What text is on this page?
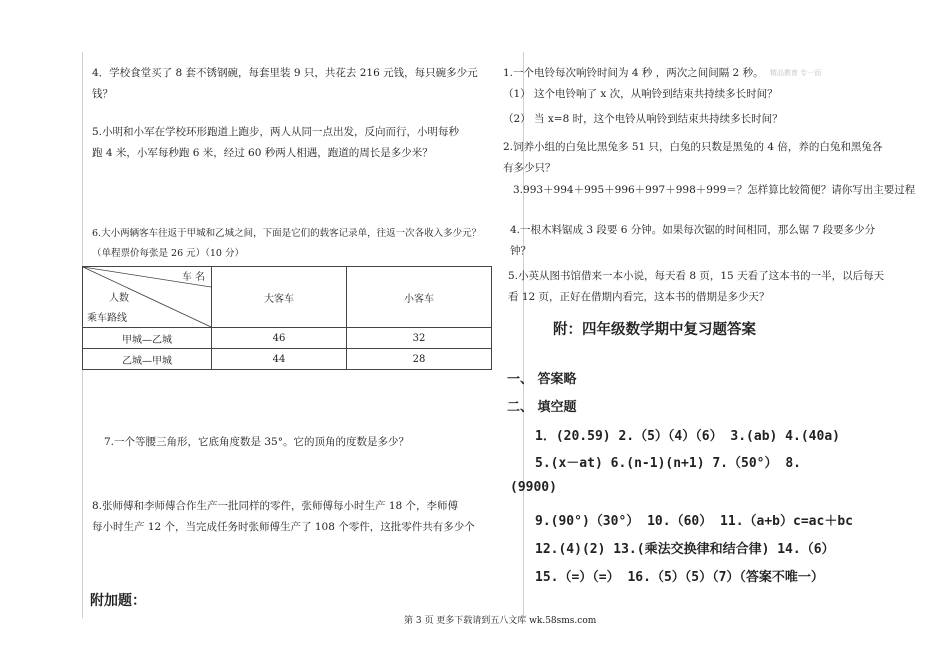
4．学校食堂买了 8 套不锈钢碗，每套里装 9 只，共花去 216 元钱，每只碗多少元
钱？
5.小明和小军在学校环形跑道上跑步，两人从同一点出发，反向而行，小明每秒
跑 4 米，小军每秒跑 6 米，经过 60 秒两人相遇，跑道的周长是多少米？
6.大小两辆客车往返于甲城和乙城之间，下面是它们的载客记录单，往返一次各收入多少元？
（单程票价每张是 26 元）（10 分）
车 名
人数
乘车路线	大客车	小客车
甲城—乙城	46	32
乙城—甲城	44	28
7.一个等腰三角形，它底角度数是 35°。它的顶角的度数是多少？
8.张师傅和李师傅合作生产一批同样的零件，张师傅每小时生产 18 个，李师傅
每小时生产 12 个，当完成任务时张师傅生产了 108 个零件，这批零件共有多少个
附加题：
1.一个电铃每次响铃时间为 4 秒 ，两次之间间隔 2 秒。
（1） 这个电铃响了 x 次，从响铃到结束共持续多长时间？
（2） 当 x=8 时，这个电铃从响铃到结束共持续多长时间？
精品教育 专一而
2.饲养小组的白兔比黑兔多 51 只，白兔的只数是黑兔的 4 倍，养的白兔和黑兔各
有多少只？
3.993＋994＋995＋996＋997＋998＋999＝？怎样算比较简便？请你写出主要过程
4.一根木料锯成 3 段要 6 分钟。如果每次锯的时间相同，那么锯 7 段要多少分
钟？
5.小英从图书馆借来一本小说，每天看 8 页，15 天看了这本书的一半，以后每天
看 12 页，正好在借期内看完，这本书的借期是多少天？
附：四年级数学期中复习题答案
一、 答案略
二、 填空题
1．(20.59) 2.（5）（4）（6） 3.(ab) 4.(40a)
5.(x－at) 6.(n-1)(n+1) 7.（50°） 8.
(9900)
9.(90°)（30°） 10.（60） 11.（a+b）c=ac＋bc
12.(4)(2) 13.(乘法交换律和结合律) 14.（6）
15.（=）（=） 16.（5）（5）（7）（答案不唯一）
第 3 页 更多下载请到五八文库 wk.58sms.com
